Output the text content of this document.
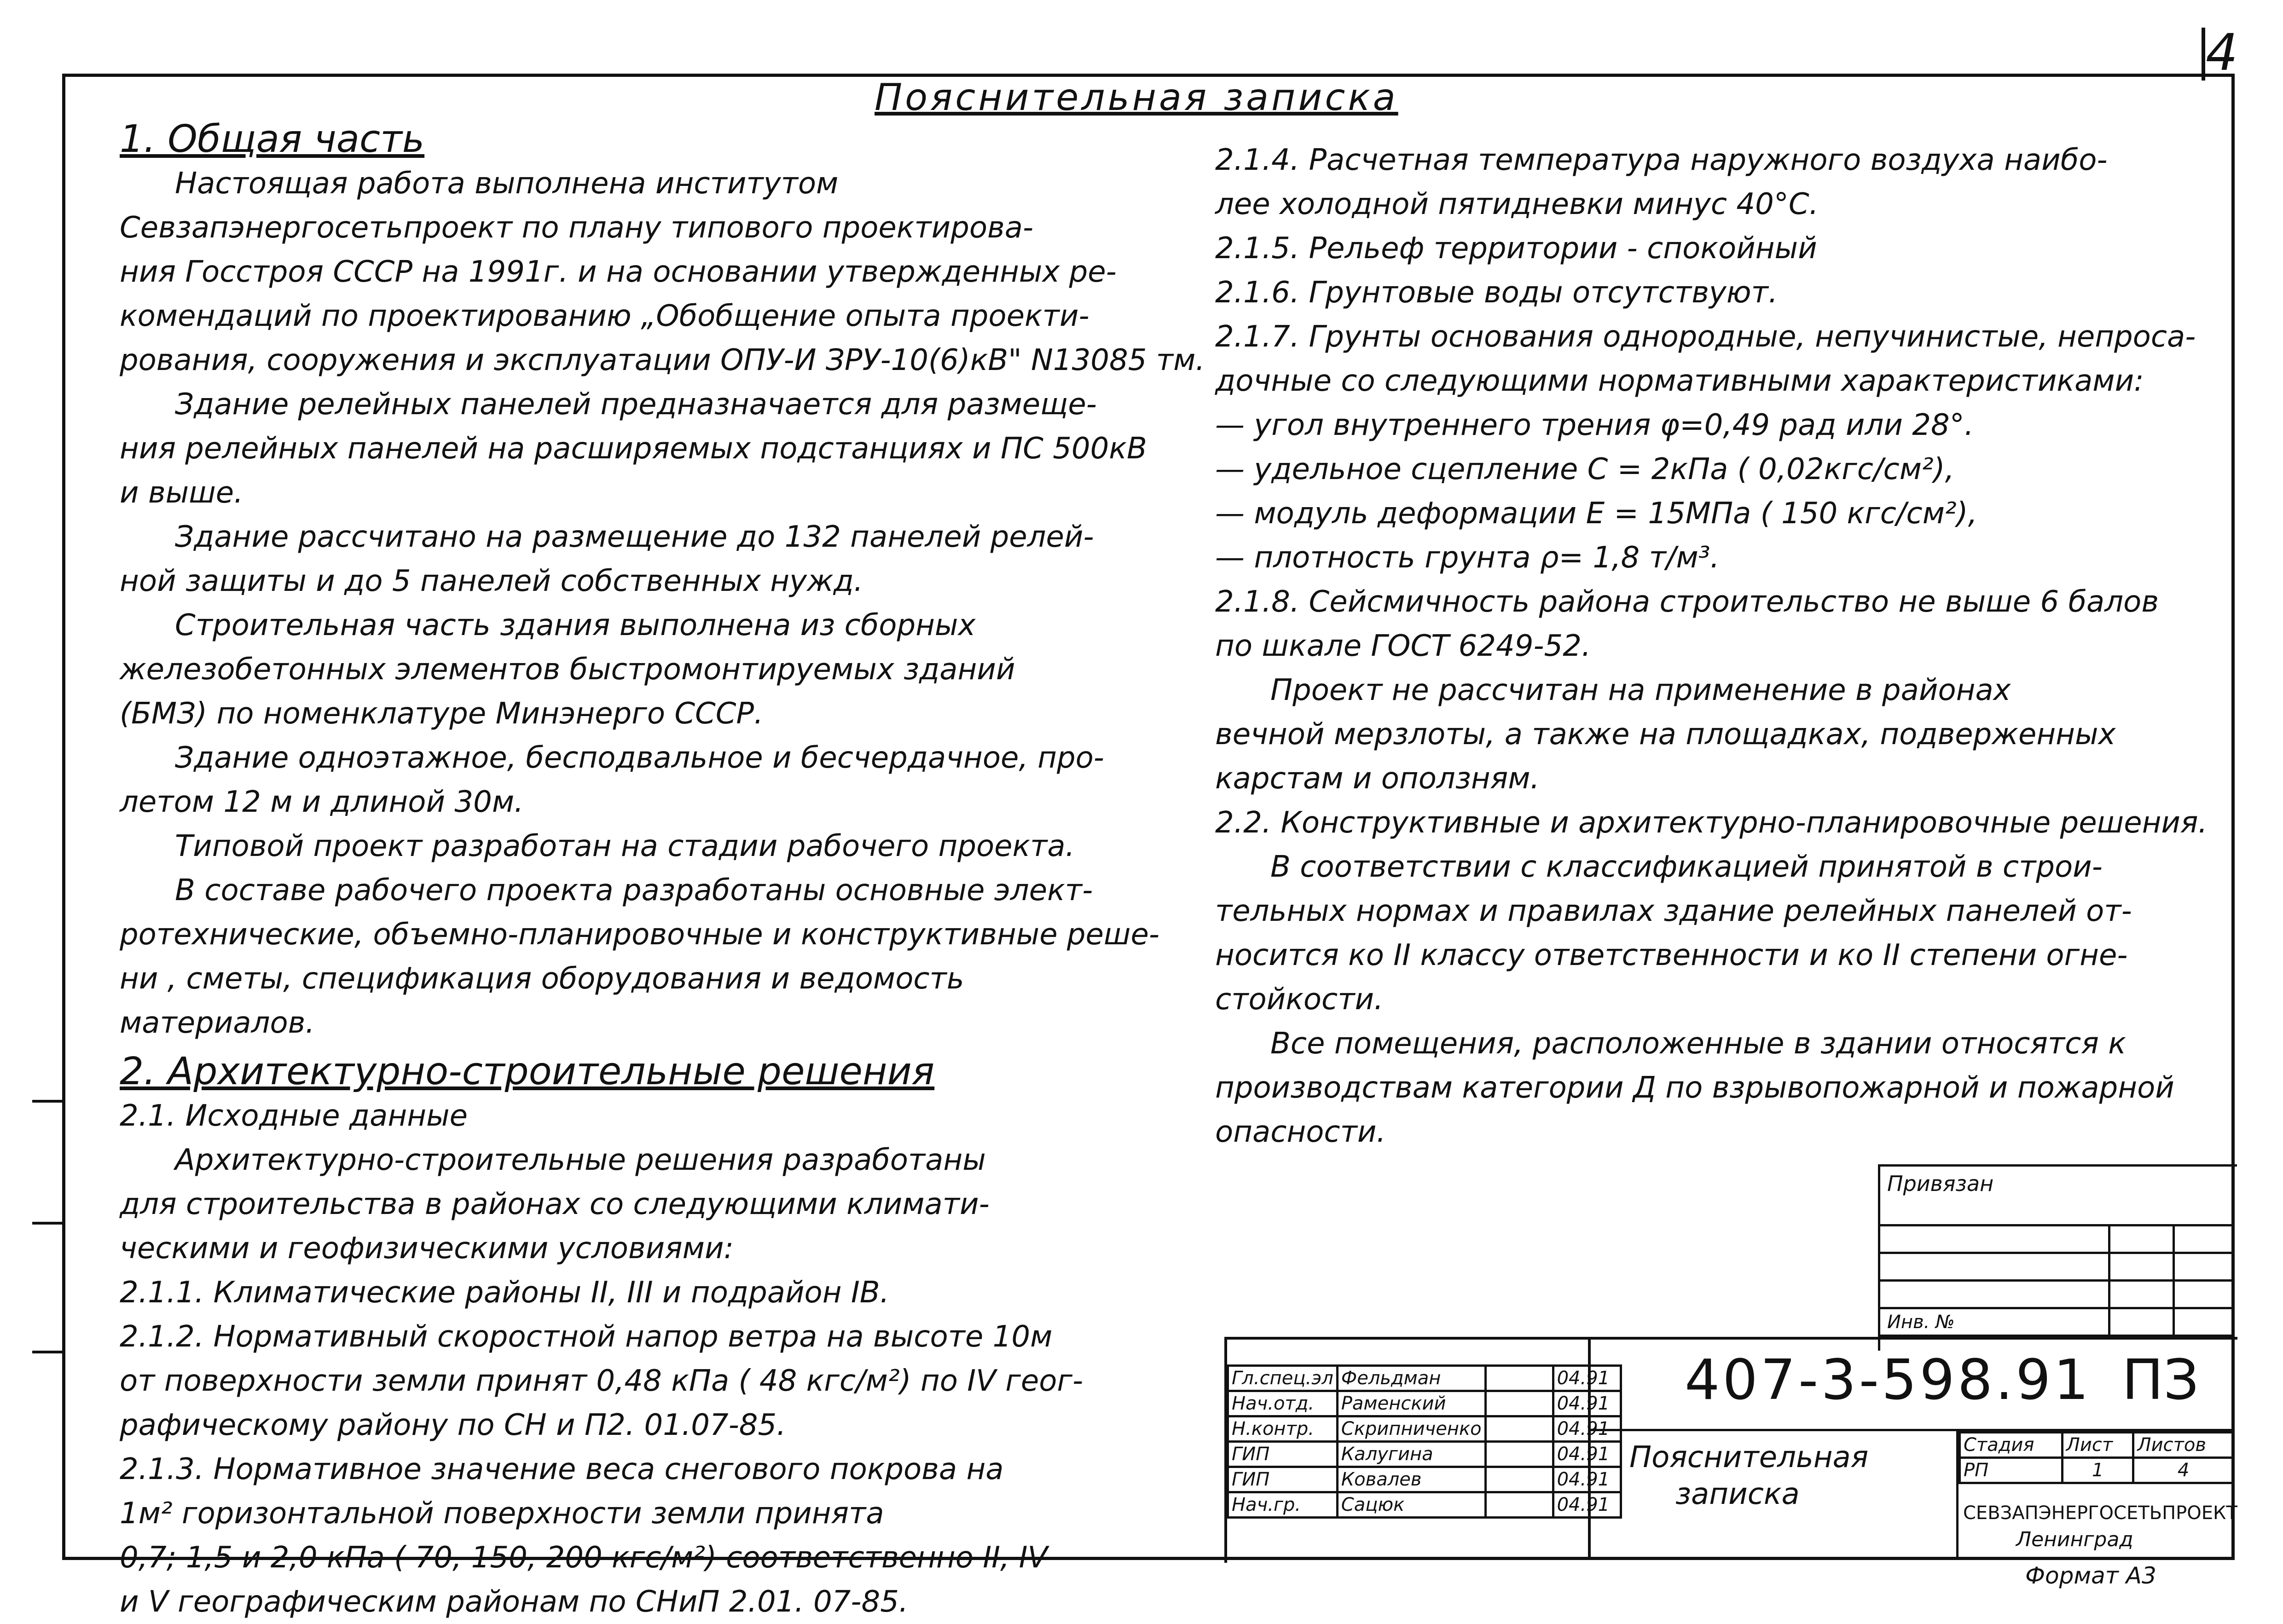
4
Пояснительная записка

1. Общая часть

Настоящая работа выполнена институтом

Севзапэнергосетьпроект по плану типового проектирова-

ния Госстроя СССР на 1991г. и на основании утвержденных ре-

комендаций по проектированию „Обобщение опыта проекти-

рования, сооружения и эксплуатации ОПУ-И ЗРУ-10(6)кВ" N13085 тм.

Здание релейных панелей предназначается для размеще-

ния релейных панелей на расширяемых подстанциях и ПС 500кВ

и выше.

Здание рассчитано на размещение до 132 панелей релей-

ной защиты и до 5 панелей собственных нужд.

Строительная часть здания выполнена из сборных

железобетонных элементов быстромонтируемых зданий

(БМЗ) по номенклатуре Минэнерго СССР.

Здание одноэтажное, бесподвальное и бесчердачное, про-

летом 12 м и длиной 30м.

Типовой проект разработан на стадии рабочего проекта.

В составе рабочего проекта разработаны основные элект-

ротехнические, объемно-планировочные и конструктивные реше-

ни , сметы, спецификация оборудования и ведомость

материалов.

2. Архитектурно-строительные решения

2.1. Исходные данные

Архитектурно-строительные решения разработаны

для строительства в районах со следующими климати-

ческими и геофизическими условиями:

2.1.1. Климатические районы II, III и подрайон IВ.

2.1.2. Нормативный скоростной напор ветра на высоте 10м

от поверхности земли принят 0,48 кПа ( 48 кгс/м²) по IV геог-

рафическому району по СН и П2. 01.07-85.

2.1.3. Нормативное значение веса снегового покрова на

1м² горизонтальной поверхности земли принята

0,7; 1,5 и 2,0 кПа ( 70, 150, 200 кгс/м²) соответственно II, IV

и V географическим районам по СНиП 2.01. 07-85.

2.1.4. Расчетная температура наружного воздуха наибо-

лее холодной пятидневки минус 40°С.

2.1.5. Рельеф территории - спокойный

2.1.6. Грунтовые воды отсутствуют.

2.1.7. Грунты основания однородные, непучинистые, непроса-

дочные со следующими нормативными характеристиками:

— угол внутреннего трения φ=0,49 рад или 28°.

— удельное сцепление С = 2кПа ( 0,02кгс/см²),

— модуль деформации Е = 15МПа ( 150 кгс/см²),

— плотность грунта ρ= 1,8 т/м³.

2.1.8. Сейсмичность района строительство не выше 6 балов

по шкале ГОСТ 6249-52.

Проект не рассчитан на применение в районах

вечной мерзлоты, а также на площадках, подверженных

карстам и оползням.

2.2. Конструктивные и архитектурно-планировочные решения.

В соответствии с классификацией принятой в строи-

тельных нормах и правилах здание релейных панелей от-

носится ко II классу ответственности и ко II степени огне-

стойкости.

Все помещения, расположенные в здании относятся к

производствам категории Д по взрывопожарной и пожарной

опасности.

Привязан
Инв. №
407-3-598.91 ПЗ
Пояснительная
записка
Стадия	Лист	Листов
РП	1	4
СЕВЗАПЭНЕРГОСЕТЬПРОЕКТ
Ленинград
Формат А3
Гл.спец.эл	Фельдман		04.91
Нач.отд.	Раменский		04.91
Н.контр.	Скрипниченко		04.91
ГИП	Калугина		04.91
ГИП	Ковалев		04.91
Нач.гр.	Сацюк		04.91
